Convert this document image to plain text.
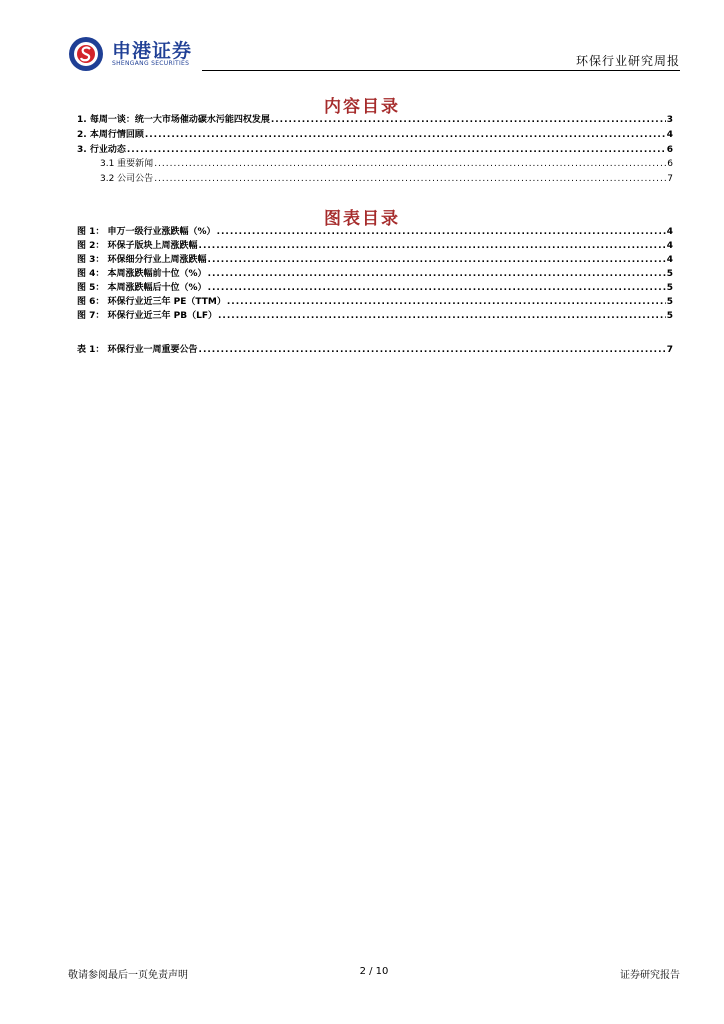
申港证券
SHENGANG SECURITIES	环保行业研究周报
内容目录
1. 每周一谈：统一大市场催动碳水污能四权发展 .....	3
2. 本周行情回顾 .....	4
3. 行业动态 .....	6
3.1 重要新闻 .....	6
3.2 公司公告 .....	7
图表目录
图 1： 申万一级行业涨跌幅（%） .....	4
图 2： 环保子版块上周涨跌幅 .....	4
图 3： 环保细分行业上周涨跌幅 .....	4
图 4： 本周涨跌幅前十位（%） .....	5
图 5： 本周涨跌幅后十位（%） .....	5
图 6： 环保行业近三年 PE（TTM） .....	5
图 7： 环保行业近三年 PB（LF） .....	5
表 1： 环保行业一周重要公告 .....	7
敬请参阅最后一页免责声明	2 / 10	证券研究报告
